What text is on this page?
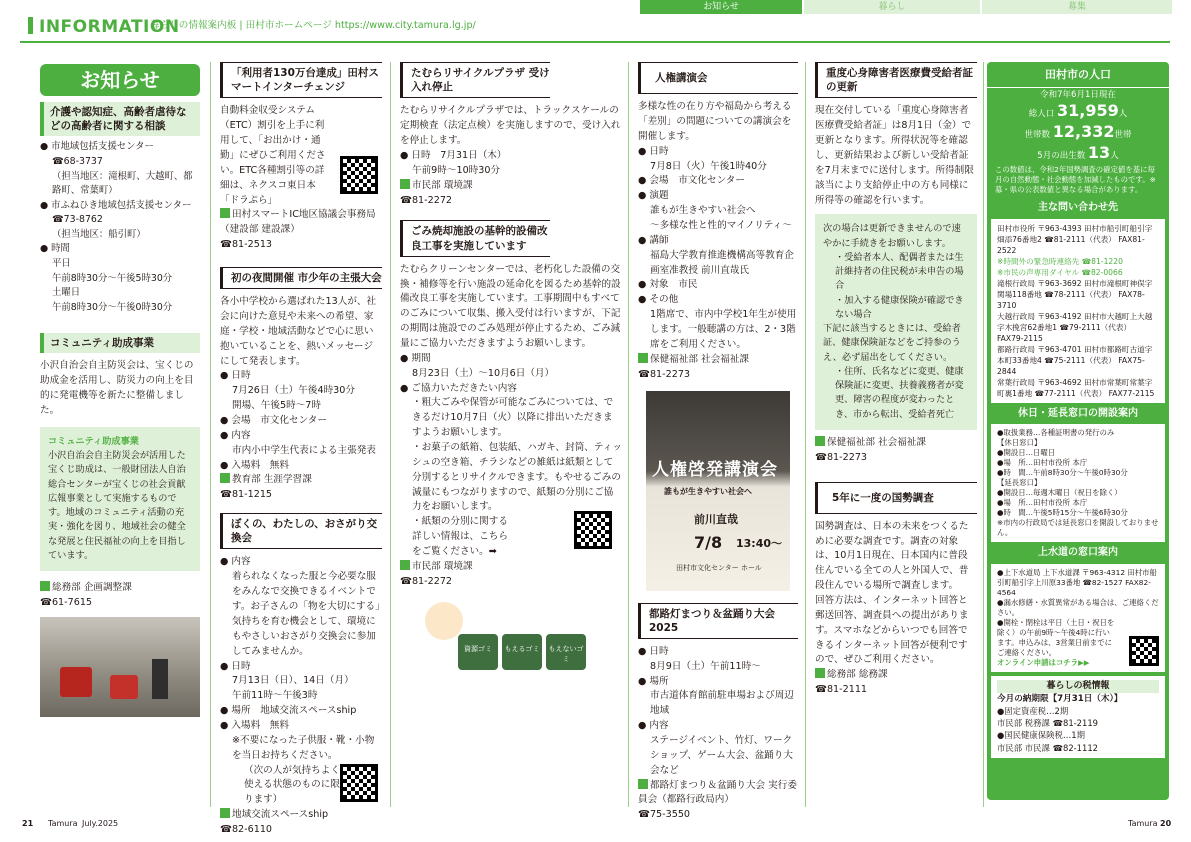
INFORMATION
暮らしの情報案内板 | 田村市ホームページ https://www.city.tamura.lg.jp/
お知らせ	暮らし	募集
お知らせ
介護や認知症、高齢者虐待などの高齢者に関する相談
● 市地域包括支援センター
☎68-3737
（担当地区：滝根町、大越町、都路町、常葉町）
● 市ふねひき地域包括支援センター
☎73-8762
（担当地区：船引町）
● 時間
平日
午前8時30分〜午後5時30分
土曜日
午前8時30分〜午後0時30分
コミュニティ助成事業
小沢自治会自主防災会は、宝くじの助成金を活用し、防災力の向上を目的に発電機等を新たに整備しました。
コミュニティ助成事業
小沢自治会自主防災会が活用した宝くじ助成は、一般財団法人自治総合センターが宝くじの社会貢献広報事業として実施するものです。地域のコミュニティ活動の充実・強化を図り、地域社会の健全な発展と住民福祉の向上を目指しています。
総務部 企画調整課
☎61-7615
「利用者130万台達成」田村スマートインターチェンジ
自動料金収受システム（ETC）割引を上手に利用して、「お出かけ・通勤」にぜひご利用ください。ETC各種割引等の詳細は、ネクスコ東日本「ドラぷら」
田村スマートIC地区協議会事務局（建設部 建設課）
☎81-2513
初の夜間開催 市少年の主張大会
各小中学校から選ばれた13人が、社会に向けた意見や未来への希望、家庭・学校・地域活動などで心に思い抱いていることを、熱いメッセージにして発表します。
● 日時
7月26日（土）午後4時30分
開場、午後5時〜7時
● 会場　市文化センター
● 内容
市内小中学生代表による主張発表
● 入場料　無料
教育部 生涯学習課
☎81-1215
ぼくの、わたしの、おさがり交換会
● 内容
着られなくなった服と今必要な服をみんなで交換できるイベントです。お子さんの「物を大切にする」気持ちを育む機会として、環境にもやさしいおさがり交換会に参加してみませんか。
● 日時
7月13日（日）、14日（月）
午前11時〜午後3時
● 場所　地域交流スペースship
● 入場料　無料
※不要になった子供服・靴・小物を当日お持ちください。
（次の人が気持ちよく使える状態のものに限ります）
地域交流スペースship
☎82-6110
たむらリサイクルプラザ 受け入れ停止
たむらリサイクルプラザでは、トラックスケールの定期検査（法定点検）を実施しますので、受け入れを停止します。
● 日時　7月31日（木）
午前9時〜10時30分
市民部 環境課
☎81-2272
ごみ焼却施設の基幹的設備改良工事を実施しています
たむらクリーンセンターでは、老朽化した設備の交換・補修等を行い施設の延命化を図るため基幹的設備改良工事を実施しています。工事期間中もすべてのごみについて収集、搬入受付は行いますが、下記の期間は施設でのごみ処理が停止するため、ごみ減量にご協力いただきますようお願いします。
● 期間
8月23日（土）〜10月6日（月）
● ご協力いただきたい内容
・粗大ごみや保管が可能なごみについては、できるだけ10月7日（火）以降に排出いただきますようお願いします。
・お菓子の紙箱、包装紙、ハガキ、封筒、ティッシュの空き箱、チラシなどの雑紙は紙類として分別するとリサイクルできます。もやせるごみの減量にもつながりますので、紙類の分別にご協力をお願いします。
・紙類の分別に関する詳しい情報は、こちらをご覧ください。➡
市民部 環境課
☎81-2272
資源ゴミ	もえるゴミ	もえないゴミ
人権講演会
多様な性の在り方や福島から考える「差別」の問題についての講演会を開催します。
● 日時
7月8日（火）午後1時40分
● 会場　市文化センター
● 演題
誰もが生きやすい社会へ
〜多様な性と性的マイノリティ〜
● 講師
福島大学教育推進機構高等教育企画室准教授 前川直哉氏
● 対象　市民
● その他
1階席で、市内中学校1年生が使用します。一般聴講の方は、2・3階席をご利用ください。
保健福祉部 社会福祉課
☎81-2273
人権啓発講演会
誰もが生きやすい社会へ
前川直哉
7/8 13:40〜
田村市文化センター ホール
都路灯まつり＆盆踊り大会2025
● 日時
8月9日（土）午前11時〜
● 場所
市古道体育館前駐車場および周辺地域
● 内容
ステージイベント、竹灯、ワークショップ、ゲーム大会、盆踊り大会など
都路灯まつり＆盆踊り大会 実行委員会（都路行政局内）
☎75-3550
重度心身障害者医療費受給者証の更新
現在交付している「重度心身障害者医療費受給者証」は8月1日（金）で更新となります。所得状況等を確認し、更新結果および新しい受給者証を7月末までに送付します。所得制限該当により支給停止中の方も同様に所得等の確認を行います。
次の場合は更新できませんので速やかに手続きをお願いします。
・受給者本人、配偶者または生計維持者の住民税が未申告の場合
・加入する健康保険が確認できない場合
下記に該当するときには、受給者証、健康保険証などをご持参のうえ、必ず届出をしてください。
・住所、氏名などに変更、健康保険証に変更、扶養義務者が変更、障害の程度が変わったとき、市から転出、受給者死亡
保健福祉部 社会福祉課
☎81-2273
5年に一度の国勢調査
国勢調査は、日本の未来をつくるために必要な調査です。調査の対象は、10月1日現在、日本国内に普段住んでいる全ての人と外国人で、普段住んでいる場所で調査します。
回答方法は、インターネット回答と郵送回答、調査員への提出があります。スマホなどからいつでも回答できるインターネット回答が便利ですので、ぜひご利用ください。
総務部 総務課
☎81-2111
田村市の人口
令和7年6月1日現在
総人口 31,959人
世帯数 12,332世帯
5月の出生数 13人
この数値は、令和2年国勢調査の確定値を基に毎月の自然動態・社会動態を加減したものです。※募・県の公表数値と異なる場合があります。
主な問い合わせ先
田村市役所 〒963-4393 田村市船引町船引字畑添76番地2 ☎81-2111（代表） FAX81-2522
※時間外の緊急時連絡先 ☎81-1220
※市民の声専用ダイヤル ☎82-0066
滝根行政局 〒963-3692 田村市滝根町神俣字関場118番地 ☎78-2111（代表） FAX78-3710
大越行政局 〒963-4192 田村市大越町上大越字木挽宮62番地1 ☎79-2111（代表） FAX79-2115
都路行政局 〒963-4701 田村市都路町古道字本町33番地4 ☎75-2111（代表） FAX75-2844
常葉行政局 〒963-4692 田村市常葉町常葉字町裏1番地 ☎77-2111（代表） FAX77-2115
休日・延長窓口の開設案内
●取扱業務…各種証明書の発行のみ
【休日窓口】
●開設日…日曜日
●場　所…田村市役所 本庁
●時　間…午前8時30分〜午後0時30分
【延長窓口】
●開設日…毎週木曜日（祝日を除く）
●場　所…田村市役所 本庁
●時　間…午後5時15分〜午後6時30分
※市内の行政局では延長窓口を開設しておりません。
上水道の窓口案内
●上下水道局 上下水道課 〒963-4312 田村市船引町船引字上川原33番地 ☎82-1527 FAX82-4564
●漏水修繕・水質異常がある場合は、ご連絡ください。
●開栓・閉栓は平日（土日・祝日を除く）の午前9時〜午後4時に行います。申込みは、3営業日前までにご連絡ください。
オンライン申請はコチラ▶▶
暮らしの税情報
今月の納期限【7月31日（木）】
●固定資産税…2期
市民部 税務課 ☎81-2119
●国民健康保険税…1期
市民部 市民課 ☎82-1112
21 Tamura July.2025	Tamura 20
